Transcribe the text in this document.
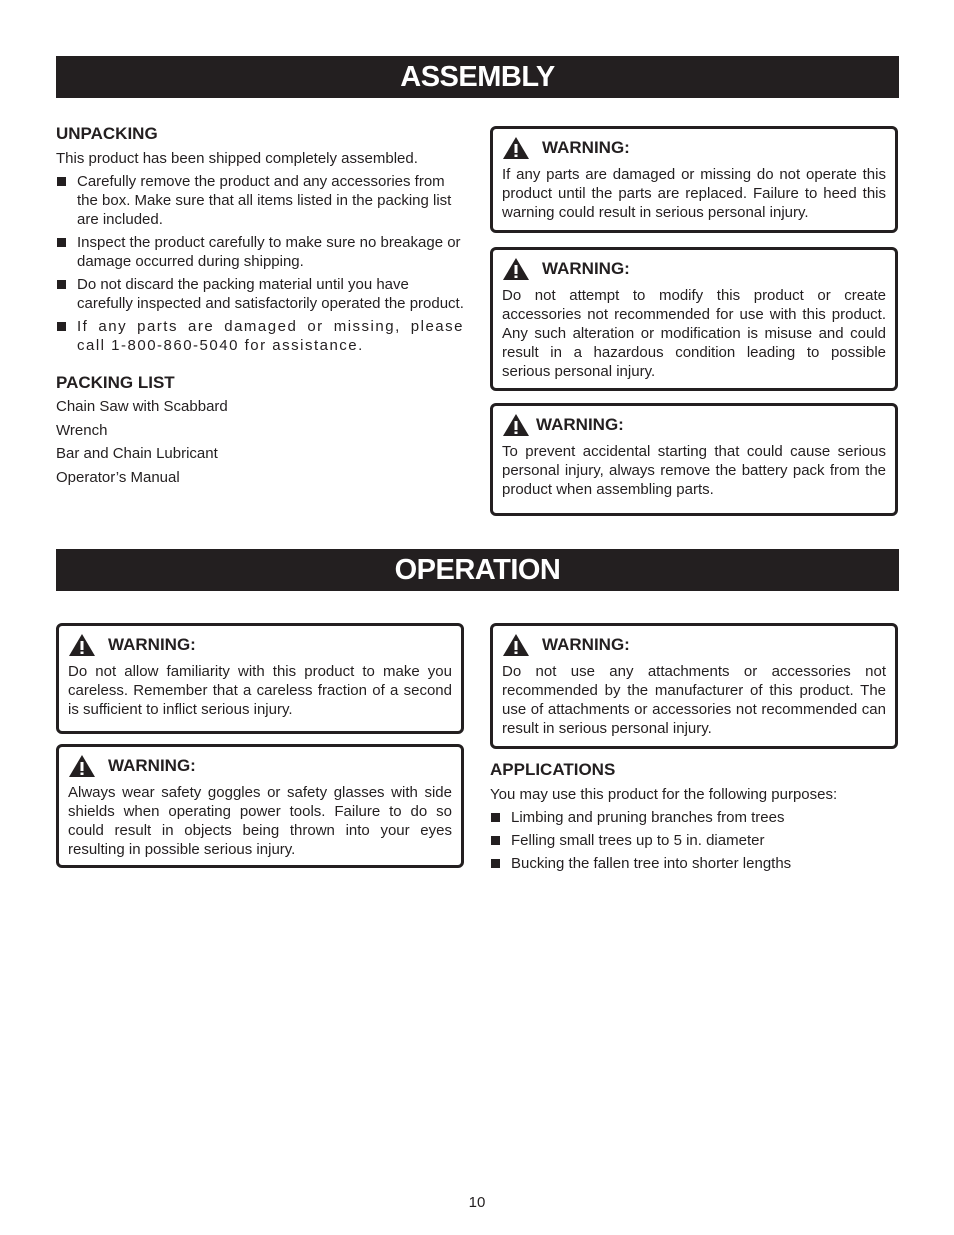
ASSEMBLY
UNPACKING

This product has been shipped completely assembled.

Carefully remove the product and any accessories from the box. Make sure that all items listed in the packing list are included.
Inspect the product carefully to make sure no breakage or damage occurred during shipping.
Do not discard the packing material until you have carefully inspected and satisfactorily operated the product.
If any parts are damaged or missing, please call 1-800-860-5040 for assistance.
PACKING LIST

Chain Saw with Scabbard

Wrench

Bar and Chain Lubricant

Operator’s Manual

WARNING:

If any parts are damaged or missing do not operate this product until the parts are replaced. Failure to heed this warning could result in serious personal injury.

WARNING:

Do not attempt to modify this product or create accessories not recommended for use with this product. Any such alteration or modification is misuse and could result in a hazardous condition leading to possible serious personal injury.

WARNING:

To prevent accidental starting that could cause serious personal injury, always remove the battery pack from the product when assembling parts.

OPERATION
WARNING:

Do not allow familiarity with this product to make you careless. Remember that a careless fraction of a second is sufficient to inflict serious injury.

WARNING:

Always wear safety goggles or safety glasses with side shields when operating power tools. Failure to do so could result in objects being thrown into your eyes resulting in possible serious injury.

WARNING:

Do not use any attachments or accessories not recommended by the manufacturer of this product. The use of attachments or accessories not recommended can result in serious personal injury.

APPLICATIONS

You may use this product for the following purposes:

Limbing and pruning branches from trees
Felling small trees up to 5 in. diameter
Bucking the fallen tree into shorter lengths
10
